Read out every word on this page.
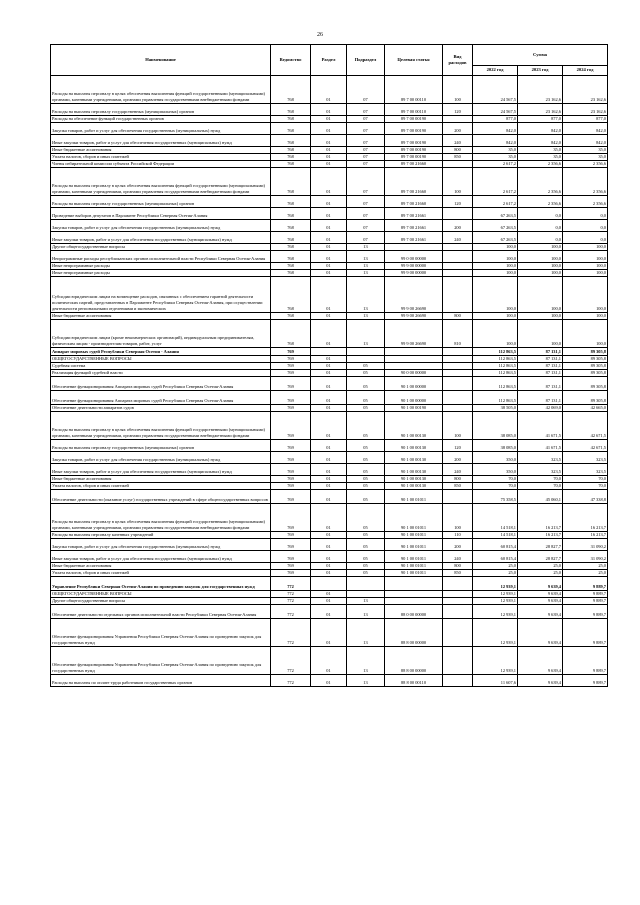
26
Наименование	Ведомство	Раздел	Подраздел	Целевая статья	Вид расходов	Сумма		
						2022 год	2023 год	2024 год
Расходы на выплаты персоналу в целях обеспечения выполнения функций государственными (муниципальными) органами, казенными учреждениями, органами управления государственными внебюджетными фондами	768	01	07	89 7 00 00110	100	24 567,5	23 162,6	23 162,6
Расходы на выплаты персоналу государственных (муниципальных) органов	768	01	07	89 7 00 00110	120	24 567,5	23 162,6	23 162,6
Расходы на обеспечение функций государственных органов	768	01	07	89 7 00 00190		877,0	877,0	877,0
Закупка товаров, работ и услуг для обеспечения государственных (муниципальных) нужд	768	01	07	89 7 00 00190	200	842,0	842,0	842,0
Иные закупки товаров, работ и услуг для обеспечения государственных (муниципальных) нужд	768	01	07	89 7 00 00190	240	842,0	842,0	842,0
Иные бюджетные ассигнования	768	01	07	89 7 00 00190	800	35,0	35,0	35,0
Уплата налогов, сборов и иных платежей	768	01	07	89 7 00 00190	850	35,0	35,0	35,0
Члены избирательной комиссии субъекта Российской Федерации	768	01	07	89 7 00 21660		2 617,2	2 356,6	2 356,6
Расходы на выплаты персоналу в целях обеспечения выполнения функций государственными (муниципальными) органами, казенными учреждениями, органами управления государственными внебюджетными фондами	768	01	07	89 7 00 21660	100	2 617,2	2 356,6	2 356,6
Расходы на выплаты персоналу государственных (муниципальных) органов	768	01	07	89 7 00 21660	120	2 617,2	2 356,6	2 356,6
Проведение выборов депутатов в Парламент Республики Северная Осетия-Алания	768	01	07	89 7 00 21661		67 263,5	0,0	0,0
Закупка товаров, работ и услуг для обеспечения государственных (муниципальных) нужд	768	01	07	89 7 00 21661	200	67 263,5	0,0	0,0
Иные закупки товаров, работ и услуг для обеспечения государственных (муниципальных) нужд	768	01	07	89 7 00 21661	240	67 263,5	0,0	0,0
Другие общегосударственные вопросы	768	01	13			100,0	100,0	100,0
Непрограммные расходы республиканских органов исполнительной власти Республики Северная Осетия-Алания	768	01	13	99 0 00 00000		100,0	100,0	100,0
Иные непрограммные расходы	768	01	13	99 9 00 00000		100,0	100,0	100,0
Иные непрограммные расходы	768	01	13	99 9 00 00000		100,0	100,0	100,0
Субсидии юридическим лицам на возмещение расходов, связанных с обеспечением гарантий деятельности политических партий, представленных в Парламенте Республики Северная Осетия-Алания, при осуществлении деятельности региональными отделениями и экономических	768	01	13	99 9 00 26690		100,0	100,0	100,0
Иные бюджетные ассигнования	768	01	13	99 9 00 26690	800	100,0	100,0	100,0
Субсидии юридическим лицам (кроме некоммерческих организаций), индивидуальным предпринимателям, физическим лицам - производителям товаров, работ, услуг	768	01	13	99 9 00 26690	810	100,0	100,0	100,0
Аппарат мировых судей Республики Северная Осетия - Алания	769					112 863,5	87 131,1	89 305,8
ОБЩЕГОСУДАРСТВЕННЫЕ ВОПРОСЫ	769	01				112 863,5	87 131,1	89 305,8
Судебная система	769	01	05			112 863,5	87 131,1	89 305,8
Реализация функций судебной власти	769	01	05	90 0 00 00000		112 863,5	87 131,1	89 305,8
Обеспечение функционирования Аппарата мировых судей Республики Северная Осетия-Алания	769	01	05	90 1 00 00000		112 863,5	87 131,1	89 305,8
Обеспечение функционирования Аппарата мировых судей Республики Северная Осетия-Алания	769	01	05	90 1 00 00000		112 863,5	87 131,1	89 305,8
Обеспечение деятельности аппаратов судов	769	01	05	90 1 00 00190		38 505,0	42 069,0	42 665,0
Расходы на выплаты персоналу в целях обеспечения выполнения функций государственными (муниципальными) органами, казенными учреждениями, органами управления государственными внебюджетными фондами	769	01	05	90 1 00 00130	100	38 085,0	41 671,5	42 671,5
Расходы на выплаты персоналу государственных (муниципальных) органов	769	01	05	90 1 00 00130	120	38 085,0	41 671,5	42 671,5
Закупка товаров, работ и услуг для обеспечения государственных (муниципальных) нужд	769	01	05	90 1 00 00130	200	350,0	323,5	323,5
Иные закупки товаров, работ и услуг для обеспечения государственных (муниципальных) нужд	769	01	05	90 1 00 00130	240	350,0	323,5	323,5
Иные бюджетные ассигнования	769	01	05	90 1 00 00130	800	70,0	70,0	70,0
Уплата налогов, сборов и иных платежей	769	01	05	90 1 00 00130	850	70,0	70,0	70,0
Обеспечение деятельности (оказание услуг) государственных учреждений в сфере общегосударственных вопросов	769	01	05	90 1 00 01011		75 358,5	45 060,1	47 338,8
Расходы на выплаты персоналу в целях обеспечения выполнения функций государственными (муниципальными) органами, казенными учреждениями, органами управления государственными внебюджетными фондами	769	01	05	90 1 00 01011	100	14 518,1	16 213,7	16 213,7
Расходы на выплаты персоналу казенных учреждений	769	01	05	90 1 00 01011	110	14 518,1	16 213,7	16 213,7
Закупка товаров, работ и услуг для обеспечения государственных (муниципальных) нужд	769	01	05	90 1 00 01011	200	60 815,4	28 827,7	31 090,2
Иные закупки товаров, работ и услуг для обеспечения государственных (муниципальных) нужд	769	01	05	90 1 00 01011	240	60 815,4	28 827,7	31 090,2
Иные бюджетные ассигнования	769	01	05	90 1 00 01011	800	25,0	25,0	25,0
Уплата налогов, сборов и иных платежей	769	01	05	90 1 00 01011	850	25,0	25,0	25,0
Управление Республики Северная Осетия-Алания по проведению закупок для государственных нужд	772					12 939,1	9 639,4	9 889,7
ОБЩЕГОСУДАРСТВЕННЫЕ ВОПРОСЫ	772	01				12 939,1	9 639,4	9 889,7
Другие общегосударственные вопросы	772	01	13			12 939,1	9 639,4	9 889,7
Обеспечение деятельности отдельных органов исполнительной власти Республики Северная Осетия-Алания	772	01	13	88 0 00 00000		12 939,1	9 639,4	9 889,7
Обеспечение функционирования Управления Республики Северная Осетия-Алания по проведению закупок для государственных нужд	772	01	13	88 8 00 00000		12 939,1	9 639,4	9 889,7
Обеспечение функционирования Управления Республики Северная Осетия-Алания по проведению закупок для государственных нужд	772	01	13	88 8 00 00000		12 939,1	9 639,4	9 889,7
Расходы на выплаты по оплате труда работников государственных органов	772	01	13	88 8 00 00110		11 607,6	9 639,4	9 889,7
